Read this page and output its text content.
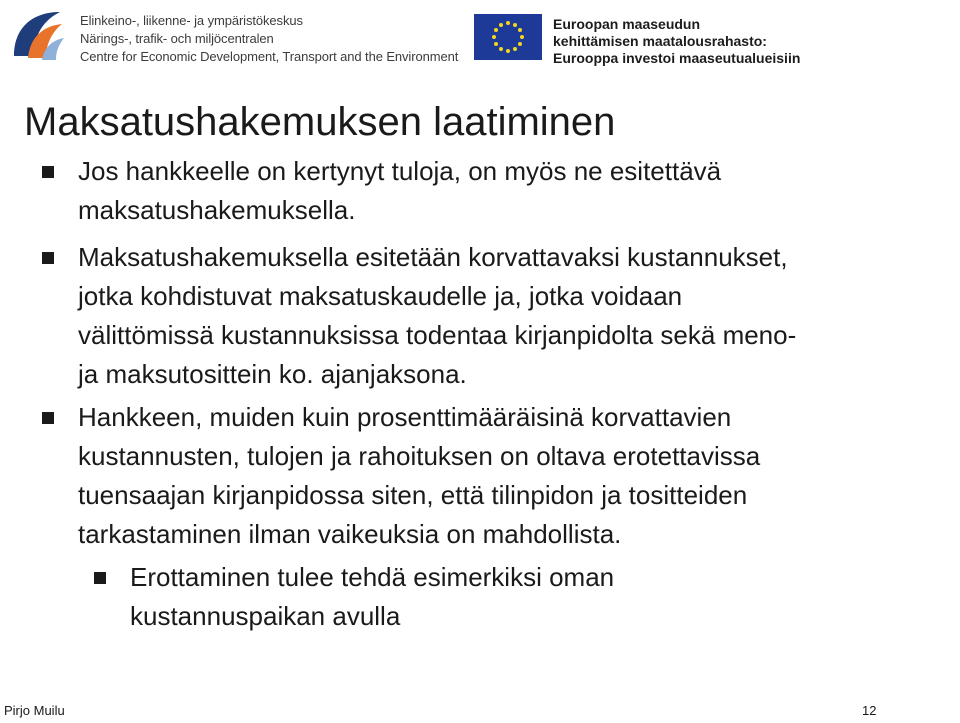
Elinkeino-, liikenne- ja ympäristökeskus
Närings-, trafik- och miljöcentralen
Centre for Economic Development, Transport and the Environment
Euroopan maaseudun
kehittämisen maatalousrahasto:
Eurooppa investoi maaseutualueisiin
Maksatushakemuksen laatiminen
Jos hankkeelle on kertynyt tuloja, on myös ne esitettävä
maksatushakemuksella.
Maksatushakemuksella esitetään korvattavaksi kustannukset,
jotka kohdistuvat maksatuskaudelle ja, jotka voidaan
välittömissä kustannuksissa todentaa kirjanpidolta sekä meno-
ja maksutosittein ko. ajanjaksona.
Hankkeen, muiden kuin prosenttimääräisinä korvattavien
kustannusten, tulojen ja rahoituksen on oltava erotettavissa
tuensaajan kirjanpidossa siten, että tilinpidon ja tositteiden
tarkastaminen ilman vaikeuksia on mahdollista.
Erottaminen tulee tehdä esimerkiksi oman
kustannuspaikan avulla
Pirjo Muilu	12
